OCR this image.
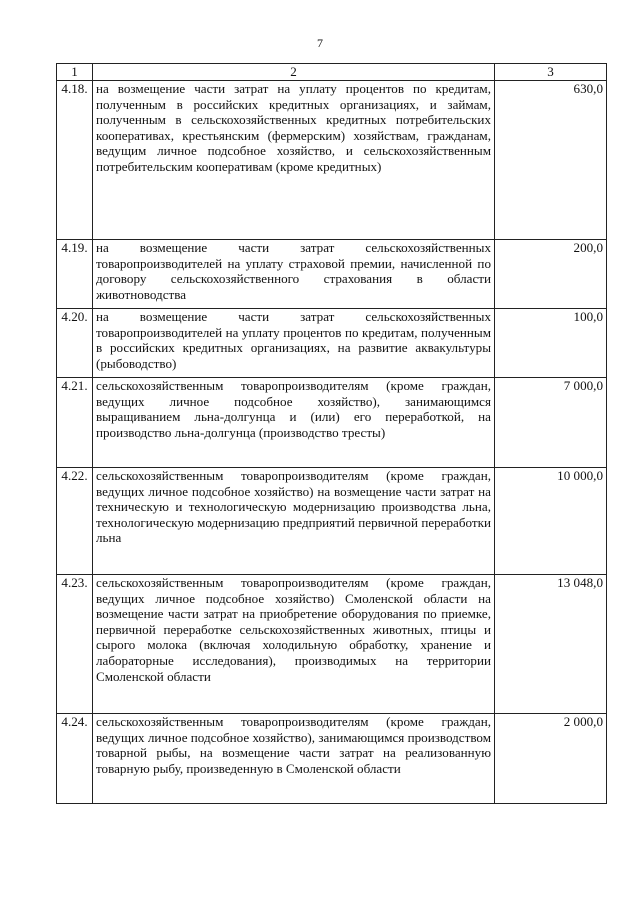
7
1	2	3
4.18.	на возмещение части затрат на уплату процентов по кредитам, полученным в российских кредитных организациях, и займам, полученным в сельскохозяйственных кредитных потребительских кооперативах, крестьянским (фермерским) хозяйствам, гражданам, ведущим личное подсобное хозяйство, и сельскохозяйственным потребительским кооперативам (кроме кредитных)	630,0
4.19.	на возмещение части затрат сельскохозяйственных товаропроизводителей на уплату страховой премии, начисленной по договору сельскохозяйственного страхования в области животноводства	200,0
4.20.	на возмещение части затрат сельскохозяйственных товаропроизводителей на уплату процентов по кредитам, полученным в российских кредитных организациях, на развитие аквакультуры (рыбоводство)	100,0
4.21.	сельскохозяйственным товаропроизводителям (кроме граждан, ведущих личное подсобное хозяйство), занимающимся выращиванием льна-долгунца и (или) его переработкой, на производство льна-долгунца (производство тресты)	7 000,0
4.22.	сельскохозяйственным товаропроизводителям (кроме граждан, ведущих личное подсобное хозяйство) на возмещение части затрат на техническую и технологическую модернизацию производства льна, технологическую модернизацию предприятий первичной переработки льна	10 000,0
4.23.	сельскохозяйственным товаропроизводителям (кроме граждан, ведущих личное подсобное хозяйство) Смоленской области на возмещение части затрат на приобретение оборудования по приемке, первичной переработке сельскохозяйственных животных, птицы и сырого молока (включая холодильную обработку, хранение и лабораторные исследования), производимых на территории Смоленской области	13 048,0
4.24.	сельскохозяйственным товаропроизводителям (кроме граждан, ведущих личное подсобное хозяйство), занимающимся производством товарной рыбы, на возмещение части затрат на реализованную товарную рыбу, произведенную в Смоленской области	2 000,0
